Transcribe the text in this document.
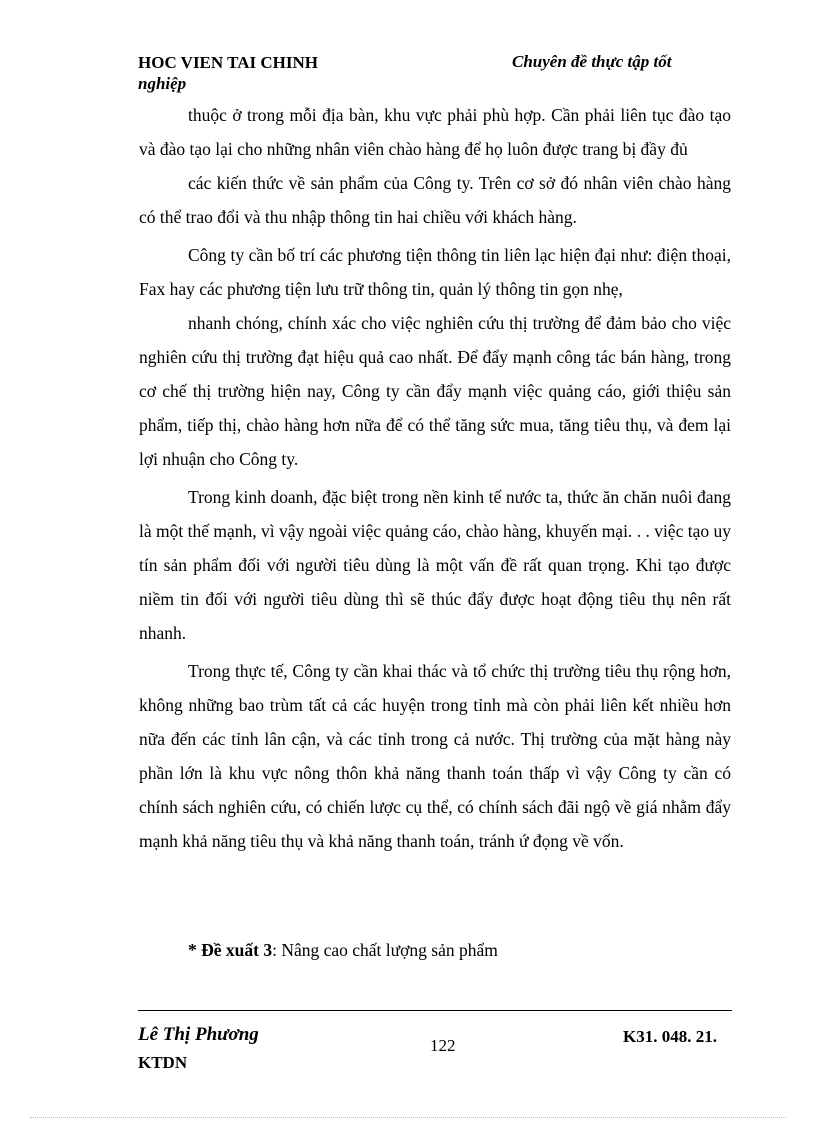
HOC VIEN TAI CHINH
nghiệp
Chuyên đề thực tập tốt

thuộc ở trong mỗi địa bàn, khu vực phải phù hợp. Cần phải liên tục đào tạo và đào tạo lại cho những nhân viên chào hàng để họ luôn được trang bị đầy đủ

các kiến thức về sản phẩm của Công ty. Trên cơ sở đó nhân viên chào hàng có thể trao đổi và thu nhập thông tin hai chiều với khách hàng.

Công ty cần bố trí các phương tiện thông tin liên lạc hiện đại như: điện thoại, Fax hay các phương tiện lưu trữ thông tin, quản lý thông tin gọn nhẹ,

nhanh chóng, chính xác cho việc nghiên cứu thị trường để đảm bảo cho việc nghiên cứu thị trường đạt hiệu quả cao nhất. Để đẩy mạnh công tác bán hàng, trong cơ chế thị trường hiện nay, Công ty cần đẩy mạnh việc quảng cáo, giới thiệu sản phẩm, tiếp thị, chào hàng hơn nữa để có thể tăng sức mua, tăng tiêu thụ, và đem lại lợi nhuận cho Công ty.

Trong kinh doanh, đặc biệt trong nền kinh tế nước ta, thức ăn chăn nuôi đang là một thế mạnh, vì vậy ngoài việc quảng cáo, chào hàng, khuyến mại. . . việc tạo uy tín sản phẩm đối với người tiêu dùng là một vấn đề rất quan trọng. Khi tạo được niềm tin đối với người tiêu dùng thì sẽ thúc đẩy được hoạt động tiêu thụ nên rất nhanh.

Trong thực tế, Công ty cần khai thác và tổ chức thị trường tiêu thụ rộng hơn, không những bao trùm tất cả các huyện trong tỉnh mà còn phải liên kết nhiều hơn nữa đến các tỉnh lân cận, và các tỉnh trong cả nước. Thị trường của mặt hàng này phần lớn là khu vực nông thôn khả năng thanh toán thấp vì vậy Công ty cần có chính sách nghiên cứu, có chiến lược cụ thể, có chính sách đãi ngộ về giá nhằm đẩy mạnh khả năng tiêu thụ và khả năng thanh toán, tránh ứ đọng về vốn.

* Đề xuất 3: Nâng cao chất lượng sản phẩm
Lê Thị Phương
KTDN
122	K31. 048. 21.
